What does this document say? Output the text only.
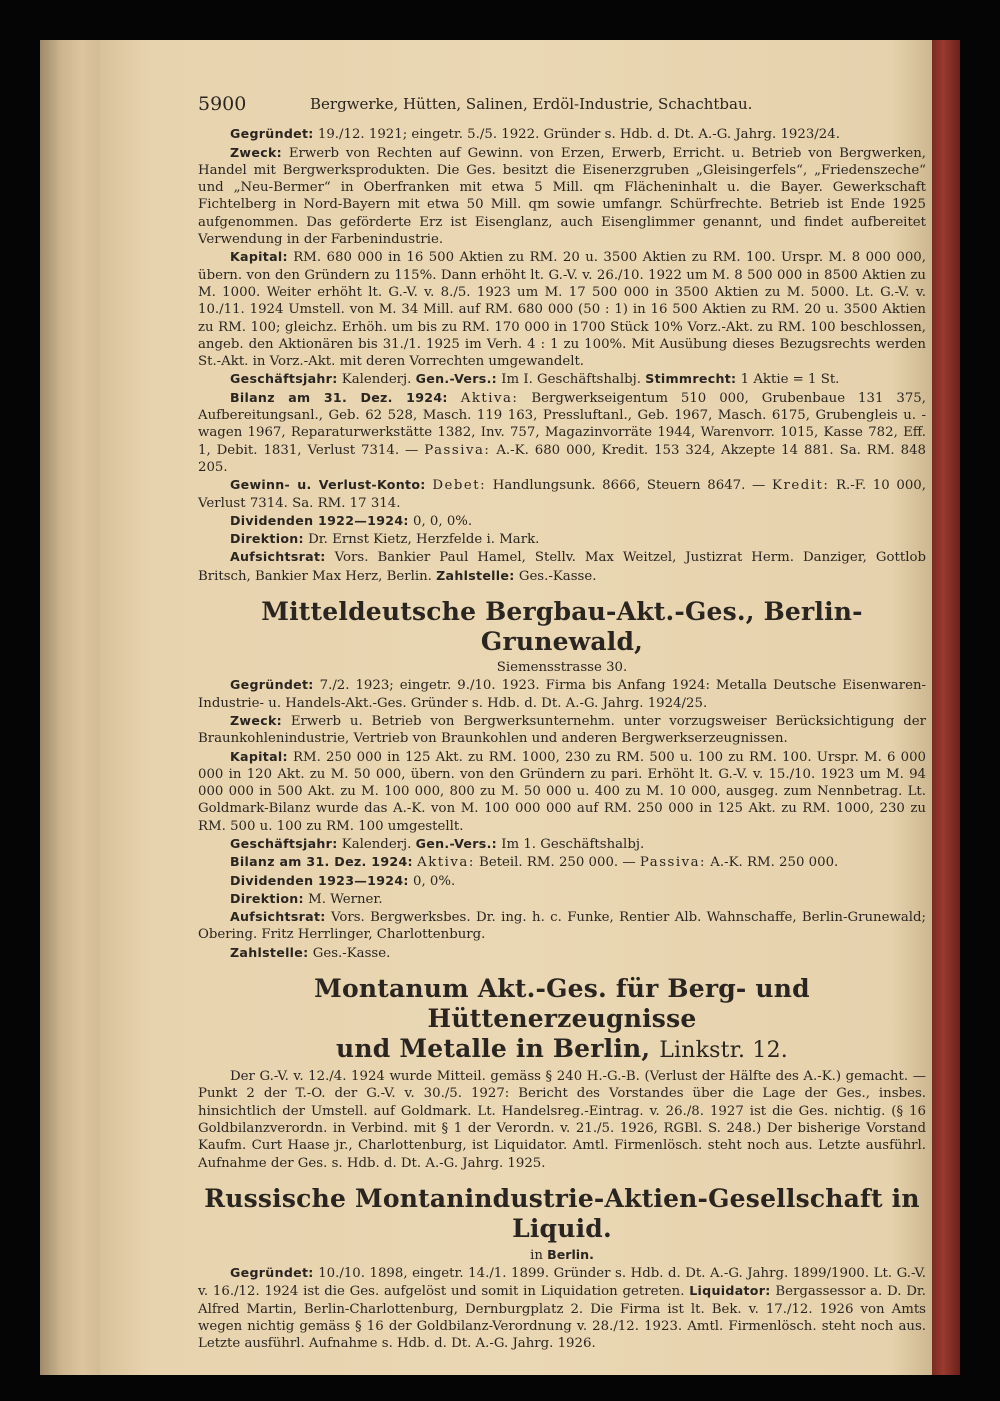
5900	Bergwerke, Hütten, Salinen, Erdöl-Industrie, Schachtbau.

Gegründet: 19./12. 1921; eingetr. 5./5. 1922. Gründer s. Hdb. d. Dt. A.-G. Jahrg. 1923/24.

Zweck: Erwerb von Rechten auf Gewinn. von Erzen, Erwerb, Erricht. u. Betrieb von Bergwerken, Handel mit Bergwerksprodukten. Die Ges. besitzt die Eisenerzgruben „Gleisingerfels“, „Friedenszeche“ und „Neu-Bermer“ in Oberfranken mit etwa 5 Mill. qm Flächeninhalt u. die Bayer. Gewerkschaft Fichtelberg in Nord-Bayern mit etwa 50 Mill. qm sowie umfangr. Schürfrechte. Betrieb ist Ende 1925 aufgenommen. Das geförderte Erz ist Eisenglanz, auch Eisenglimmer genannt, und findet aufbereitet Verwendung in der Farbenindustrie.

Kapital: RM. 680 000 in 16 500 Aktien zu RM. 20 u. 3500 Aktien zu RM. 100. Urspr. M. 8 000 000, übern. von den Gründern zu 115%. Dann erhöht lt. G.-V. v. 26./10. 1922 um M. 8 500 000 in 8500 Aktien zu M. 1000. Weiter erhöht lt. G.-V. v. 8./5. 1923 um M. 17 500 000 in 3500 Aktien zu M. 5000. Lt. G.-V. v. 10./11. 1924 Umstell. von M. 34 Mill. auf RM. 680 000 (50 : 1) in 16 500 Aktien zu RM. 20 u. 3500 Aktien zu RM. 100; gleichz. Erhöh. um bis zu RM. 170 000 in 1700 Stück 10% Vorz.-Akt. zu RM. 100 beschlossen, angeb. den Aktionären bis 31./1. 1925 im Verh. 4 : 1 zu 100%. Mit Ausübung dieses Bezugsrechts werden St.-Akt. in Vorz.-Akt. mit deren Vorrechten umgewandelt.

Geschäftsjahr: Kalenderj. Gen.-Vers.: Im I. Geschäftshalbj. Stimmrecht: 1 Aktie = 1 St.

Bilanz am 31. Dez. 1924: Aktiva: Bergwerkseigentum 510 000, Grubenbaue 131 375, Aufbereitungsanl., Geb. 62 528, Masch. 119 163, Pressluftanl., Geb. 1967, Masch. 6175, Grubengleis u. -wagen 1967, Reparaturwerkstätte 1382, Inv. 757, Magazinvorräte 1944, Warenvorr. 1015, Kasse 782, Eff. 1, Debit. 1831, Verlust 7314. — Passiva: A.-K. 680 000, Kredit. 153 324, Akzepte 14 881. Sa. RM. 848 205.

Gewinn- u. Verlust-Konto: Debet: Handlungsunk. 8666, Steuern 8647. — Kredit: R.-F. 10 000, Verlust 7314. Sa. RM. 17 314.

Dividenden 1922—1924: 0, 0, 0%.

Direktion: Dr. Ernst Kietz, Herzfelde i. Mark.

Aufsichtsrat: Vors. Bankier Paul Hamel, Stellv. Max Weitzel, Justizrat Herm. Danziger, Gottlob Britsch, Bankier Max Herz, Berlin. Zahlstelle: Ges.-Kasse.

Mitteldeutsche Bergbau-Akt.-Ges., Berlin-Grunewald,

Siemensstrasse 30.

Gegründet: 7./2. 1923; eingetr. 9./10. 1923. Firma bis Anfang 1924: Metalla Deutsche Eisenwaren-Industrie- u. Handels-Akt.-Ges. Gründer s. Hdb. d. Dt. A.-G. Jahrg. 1924/25.

Zweck: Erwerb u. Betrieb von Bergwerksunternehm. unter vorzugsweiser Berücksichtigung der Braunkohlenindustrie, Vertrieb von Braunkohlen und anderen Bergwerkserzeugnissen.

Kapital: RM. 250 000 in 125 Akt. zu RM. 1000, 230 zu RM. 500 u. 100 zu RM. 100. Urspr. M. 6 000 000 in 120 Akt. zu M. 50 000, übern. von den Gründern zu pari. Erhöht lt. G.-V. v. 15./10. 1923 um M. 94 000 000 in 500 Akt. zu M. 100 000, 800 zu M. 50 000 u. 400 zu M. 10 000, ausgeg. zum Nennbetrag. Lt. Goldmark-Bilanz wurde das A.-K. von M. 100 000 000 auf RM. 250 000 in 125 Akt. zu RM. 1000, 230 zu RM. 500 u. 100 zu RM. 100 umgestellt.

Geschäftsjahr: Kalenderj. Gen.-Vers.: Im 1. Geschäftshalbj.

Bilanz am 31. Dez. 1924: Aktiva: Beteil. RM. 250 000. — Passiva: A.-K. RM. 250 000.

Dividenden 1923—1924: 0, 0%.

Direktion: M. Werner.

Aufsichtsrat: Vors. Bergwerksbes. Dr. ing. h. c. Funke, Rentier Alb. Wahnschaffe, Berlin-Grunewald; Obering. Fritz Herrlinger, Charlottenburg.

Zahlstelle: Ges.-Kasse.

Montanum Akt.-Ges. für Berg- und Hüttenerzeugnisse
und Metalle in Berlin, Linkstr. 12.

Der G.-V. v. 12./4. 1924 wurde Mitteil. gemäss § 240 H.-G.-B. (Verlust der Hälfte des A.-K.) gemacht. — Punkt 2 der T.-O. der G.-V. v. 30./5. 1927: Bericht des Vorstandes über die Lage der Ges., insbes. hinsichtlich der Umstell. auf Goldmark. Lt. Handelsreg.-Eintrag. v. 26./8. 1927 ist die Ges. nichtig. (§ 16 Goldbilanzverordn. in Verbind. mit § 1 der Verordn. v. 21./5. 1926, RGBl. S. 248.) Der bisherige Vorstand Kaufm. Curt Haase jr., Charlottenburg, ist Liquidator. Amtl. Firmenlösch. steht noch aus. Letzte ausführl. Aufnahme der Ges. s. Hdb. d. Dt. A.-G. Jahrg. 1925.

Russische Montanindustrie-Aktien-Gesellschaft in Liquid.

in Berlin.

Gegründet: 10./10. 1898, eingetr. 14./1. 1899. Gründer s. Hdb. d. Dt. A.-G. Jahrg. 1899/1900. Lt. G.-V. v. 16./12. 1924 ist die Ges. aufgelöst und somit in Liquidation getreten. Liquidator: Bergassessor a. D. Dr. Alfred Martin, Berlin-Charlottenburg, Dernburgplatz 2. Die Firma ist lt. Bek. v. 17./12. 1926 von Amts wegen nichtig gemäss § 16 der Goldbilanz-Verordnung v. 28./12. 1923. Amtl. Firmenlösch. steht noch aus. Letzte ausführl. Aufnahme s. Hdb. d. Dt. A.-G. Jahrg. 1926.
